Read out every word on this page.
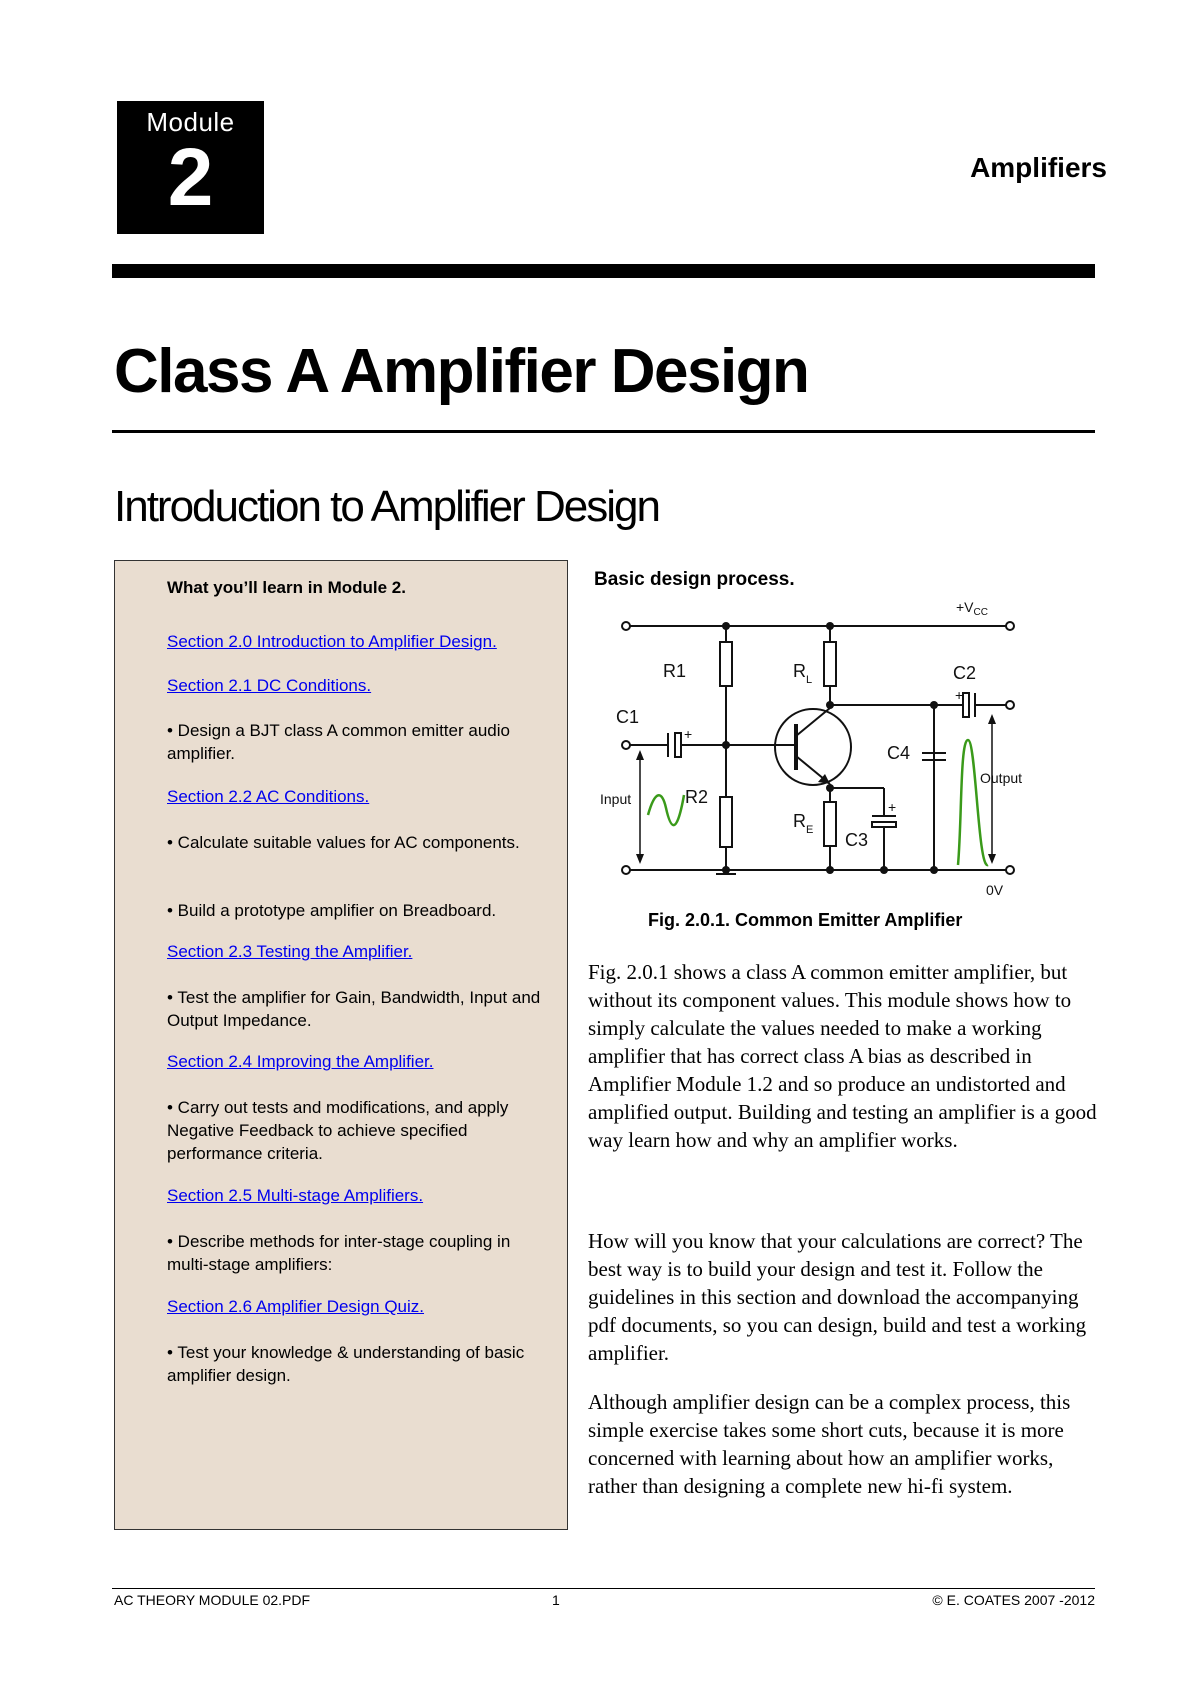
Module
2	Amplifiers
Class A Amplifier Design
Introduction to Amplifier Design
What you’ll learn in Module 2.
Section 2.0 Introduction to Amplifier Design.
Section 2.1 DC Conditions.
• Design a BJT class A common emitter audio amplifier.
Section 2.2 AC Conditions.
• Calculate suitable values for AC components.
• Build a prototype amplifier on Breadboard.
Section 2.3 Testing the Amplifier.
• Test the amplifier for Gain, Bandwidth, Input and Output Impedance.
Section 2.4 Improving the Amplifier.
• Carry out tests and modifications, and apply Negative Feedback to achieve specified performance criteria.
Section 2.5 Multi-stage Amplifiers.
• Describe methods for inter-stage coupling in multi-stage amplifiers:
Section 2.6 Amplifier Design Quiz.
• Test your knowledge & understanding of basic amplifier design.
Basic design process.
R1
R2
C1
C2
C4
C3
$R_L$
$R_E$
$+V_{CC}$
0V
Input
Output
+
+
+
Fig. 2.0.1. Common Emitter Amplifier

Fig. 2.0.1 shows a class A common emitter amplifier, but without its component values. This module shows how to simply calculate the values needed to make a working amplifier that has correct class A bias as described in Amplifier Module 1.2 and so produce an undistorted and amplified output. Building and testing an amplifier is a good way learn how and why an amplifier works.

How will you know that your calculations are correct? The best way is to build your design and test it. Follow the guidelines in this section and download the accompanying pdf documents, so you can design, build and test a working amplifier.

Although amplifier design can be a complex process, this simple exercise takes some short cuts, because it is more concerned with learning about how an amplifier works, rather than designing a complete new hi-fi system.

AC THEORY MODULE 02.PDF	1	© E. COATES 2007 -2012
